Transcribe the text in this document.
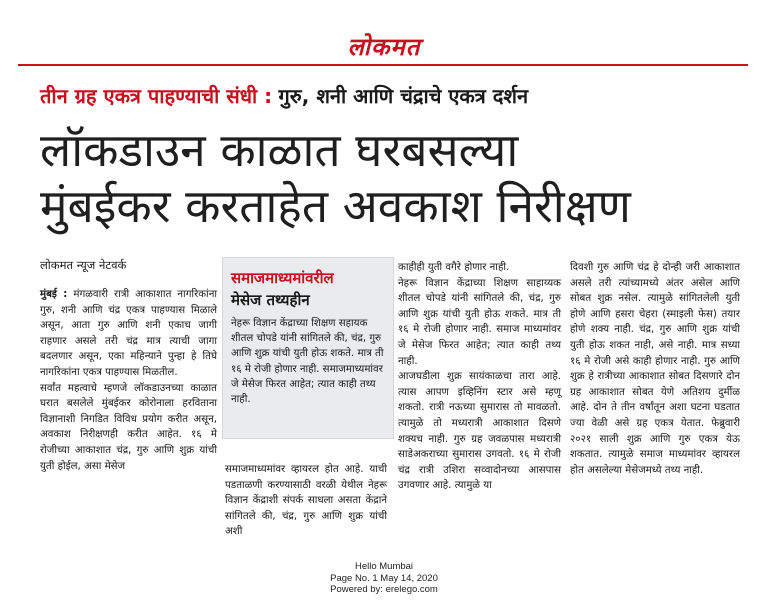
लोकमत
तीन ग्रह एकत्र पाहण्याची संधी : गुरु, शनी आणि चंद्राचे एकत्र दर्शन
लॉकडाउन काळात घरबसल्या
मुंबईकर करताहेत अवकाश निरीक्षण
लोकमत न्यूज नेटवर्क

मुंबई : मंगळवारी रात्री आकाशात नागरिकांना गुरु, शनी आणि चंद्र एकत्र पाहण्यास मिळाले असून, आता गुरु आणि शनी एकाच जागी राहणार असले तरी चंद्र मात्र त्याची जागा बदलणार असून, एका महिन्याने पुन्हा हे तिघे नागरिकांना एकत्र पाहण्यास मिळतील.

सर्वांत महत्वाचे म्हणजे लॉकडाउनच्या काळात घरात बसलेले मुंबईकर कोरोनाला हरविताना विज्ञानाशी निगडित विविध प्रयोग करीत असून, अवकाश निरीक्षणही करीत आहेत. १६ मे रोजीच्या आकाशात चंद्र, गुरु आणि शुक्र यांची युती होईल, असा मेसेज

समाजमाध्यमांवरील
मेसेज तथ्यहीन
नेहरू विज्ञान केंद्राच्या शिक्षण सहायक शीतल चोपडे यांनी सांगितले की, चंद्र, गुरु आणि शुक्र यांची युती होऊ शकते. मात्र ती १६ मे रोजी होणार नाही. समाजमाध्यमांवर जे मेसेज फिरत आहेत; त्यात काही तथ्य नाही.

समाजमाध्यमांवर व्हायरल होत आहे. याची पडताळणी करण्यासाठी वरळी येथील नेहरू विज्ञान केंद्राशी संपर्क साधला असता केंद्राने सांगितले की, चंद्र, गुरु आणि शुक्र यांची अशी

काहीही युती वगैरे होणार नाही.

नेहरू विज्ञान केंद्राच्या शिक्षण साहाय्यक शीतल चोपडे यांनी सांगितले की, चंद्र, गुरु आणि शुक्र यांची युती होऊ शकते. मात्र ती १६ मे रोजी होणार नाही. समाज माध्यमांवर जे मेसेज फिरत आहेत; त्यात काही तथ्य नाही.

आजघडीला शुक्र सायंकाळचा तारा आहे. त्यास आपण इव्हिनिंग स्टार असे म्हणू शकतो. रात्री नऊच्या सुमारास तो मावळतो. त्यामुळे तो मध्यरात्री आकाशात दिसणे शक्यच नाही. गुरु ग्रह जवळपास मध्यरात्री साडेअकराच्या सुमारास उगवतो. १६ मे रोजी चंद्र रात्री उशिरा सव्वादोनच्या आसपास उगवणार आहे. त्यामुळे या

दिवशी गुरु आणि चंद्र हे दोन्ही जरी आकाशात असले तरी त्यांच्यामध्ये अंतर असेल आणि सोबत शुक्र नसेल. त्यामुळे सांगितलेली युती होणे आणि हसरा चेहरा (स्माइली फेस) तयार होणे शक्य नाही. चंद्र, गुरु आणि शुक्र यांची युती होऊ शकत नाही, असे नाही. मात्र सध्या १६ मे रोजी असे काही होणार नाही. गुरु आणि शुक्र हे रात्रीच्या आकाशात सोबत दिसणारे दोन ग्रह आकाशात सोबत येणे अतिशय दुर्मीळ आहे. दोन ते तीन वर्षांतून अशा घटना घडतात ज्या वेळी असे ग्रह एकत्र येतात. फेब्रुवारी २०२१ साली शुक्र आणि गुरु एकत्र येऊ शकतात. त्यामुळे समाज माध्यमांवर व्हायरल होत असलेल्या मेसेजमध्ये तथ्य नाही.

Hello Mumbai
Page No. 1 May 14, 2020
Powered by: erelego.com
